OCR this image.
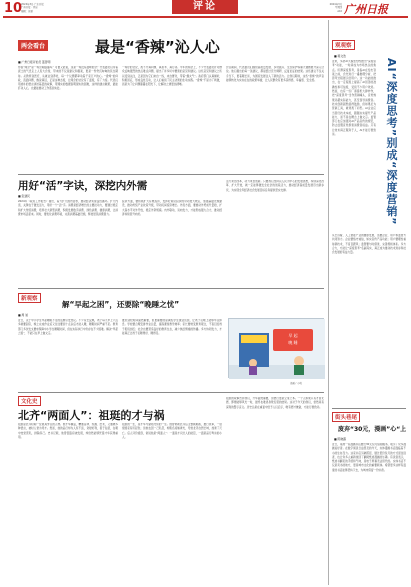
10
2024年3月·广东日报
广州日报 · 评论
编辑：刘夏	评论	2024年3月
星期四
A10 广州日报
两会看台	最是“香辣”沁人心
■ 广州日报评论员 蓝哲明
你说“两会”是一场会期盛宴吗？可谁又能说，这是一场没有滋味的会？代表委员们带着泥土的气息走上人民大会堂，带来的不仅是建议和提案，更是一份份沉甸甸的民生期待。从教育到医疗，从就业到养老，每一个议题都牵动着千家万户的心。“香辣”的问政，直面问题，敢说真话，正是这种态度，让两会的讨论有了温度，有了力度。代表们用质朴的语言讲述基层的故事，用翔实的数据说明现实的困难，这样的建言献策，最能打动人心，也最能推动工作落到实处。
一场好的讨论，离不开真问题、真思考、真行动。今年的两会上，不少代表委员针对群众反映强烈的热点难点问题，提出了许多切中要害的意见和建议。这些意见和建议之所以受到关注，正是因为它们来自一线，来自群众，带着“烟火气”。政府部门认真倾听，积极回应，形成良性互动，让人们看到了民主决策的生动实践。“香辣”不是为了刺激，而是为了让问题暴露在阳光下，让解决之道更加清晰。
会议期间，代表委员们围绕高质量发展、乡村振兴、生态保护等重大课题展开深入讨论。他们提出的每一条建议，都是经过充分调研、反复论证的结果。这些建议不仅关乎当下，更着眼长远，为国家发展注入了新的活力。让我们期待，这些“香辣”的声音能够转化为实实在在的政策举措，让人民群众有更多获得感、幸福感、安全感。
用好“活”字诀，深挖内外需
■ 张建民
2024年《政府工作报告》提出，着力扩大国内需求，推动经济实现良性循环。扩大内需，关键在于激发活力，用好一个“活”字。消费是经济增长的主要拉动力，要通过稳定和扩大传统消费，培育壮大新型消费，积极发展数字消费、绿色消费、健康消费，让消费市场活起来。同时，要优化消费环境，完善消费基础设施，释放居民消费潜力。
投资方面，要积极扩大有效投资，发挥好政府投资的带动放大效应，加强基础设施建设，推动传统产业改造升级，带动民间投资增长。外需方面，要推动外贸质升量稳，扩大高水平对外开放，稳定外资规模。内外联动，双向发力，才能形成强大合力，推动经济持续回升向好。
活力来自改革，动力来自创新。只要我们坚持以人民为中心的发展思想，持续深化改革、扩大开放，就一定能够激发全社会的创造活力，推动经济高质量发展迈出新步伐，为实现全年经济社会发展目标任务提供坚实支撑。
新观察
解“早起之困”，还要除“晚睡之忧”
■ 周 旭
近日，关于中小学生早起睡眠不足的话题引发热议。不少家长反映，孩子每天早上六点多就要起床，晚上完成作业后又往往要到十点以后才能入睡，睡眠时间严重不足。教育部门多次发文要求保障中小学生睡眠时间，但在实际执行中仍存在不少困难。解决“早起之困”，不能只在早上做文章。
推迟到校时间固然重要，但更重要的是减轻学生课业负担，让孩子们晚上能够早点休息。学校要合理安排作业总量，提高课堂教学效率；家长要转变教育观念，不盲目给孩子报班加压；社会也要营造良好的教育生态，减少焦虑情绪的传播。多方协同发力，才能真正让孩子们睡得好、睡得足。	早 起
晚 睡
漫画 / 小明
文化史
北齐“两面人”：祖珽的才与祸
祖珽是北齐时期一位极具争议的人物。他才华横溢，精通音律、绘画、医术，又通晓多种语言，被时人誉为奇才。然而，他的品行却为人所不齿，贪财好利，善于钻营，在朝中结党营私，排除异己。史书记载，他曾因盗窃被发现，却依然能够凭借才华获得重用。
祖珽的一生，是才华与缺陷交织的一生。他曾协助北齐后主整顿朝政，推行改革，一度使国家有所起色；但他也因一己私怨，构陷名将斛律光，导致北齐自毁长城，加速了灭亡。后人评价祖珽，常说他是“两面人”：一面是才识过人的能臣，一面是品行卑劣的小人。
祖珽的故事告诉我们，才华固然重要，但德行更是立身之本。一个人如果只有才而无德，即便能够风光一时，最终也难逃身败名裂的结局。这对于今天的我们，依然具有深刻的警示意义。历史总是在重复中给予人们启示，唯有德才兼备，方能行稳致远。
观观察
■ 蒋文浩
近来，多款AI大模型纷纷推出“深度思考”功能，一时间成为市场热议的焦点。所谓深度思考，是指AI在给出答案之前，会先进行一番推理分析，把思考过程展示给用户。这一功能的推出，在一定程度上提高了AI回答的准确性和可信度，受到不少用户欢迎。然而，也有一些厂商借机大肆炒作，把“深度思考”当作营销噱头，宣传效果远超实际能力，甚至误导消费者。技术创新固然值得鼓励，但如果沦为营销工具，就背离了初衷。AI企业应当回归技术本质，踏踏实实提升产品能力，而不是在概念上做文章。监管部门也应加强对AI产品宣传的规范，防止虚假宣传损害消费者权益。只有让技术真正服务于人，AI才能行稳致远。	AI“深度思考”别成“深度营销”
从长远看，人工智能产业的健康发展，需要企业、用户和监管方共同努力。企业要恪守诚信，如实宣传产品功能；用户要理性看待新技术，不盲目跟风；监管要与时俱进，完善规则体系。多方合力，方能让“深度思考”名副其实，真正成为推动技术进步和社会发展的有益力量。
街头巷尾
废弃“30元，漫画”心“上
■ 陈晓露
近日，某地一家漫画书店推出30元包月借阅服务，吸引了众多漫画爱好者。在数字阅读日益普及的今天，实体漫画书店面临着不小的生存压力。这家书店另辟蹊径，通过低价包月的方式留住读者，也让许多人重新找回了翻阅纸质漫画的乐趣。有读者表示，纸质书翻页的手感和气味，是电子屏幕无法替代的。实体书店不仅是卖书的地方，更是城市文化的重要载体。希望更多这样有温度的书店能够坚持下去，为城市保留一份书香。
